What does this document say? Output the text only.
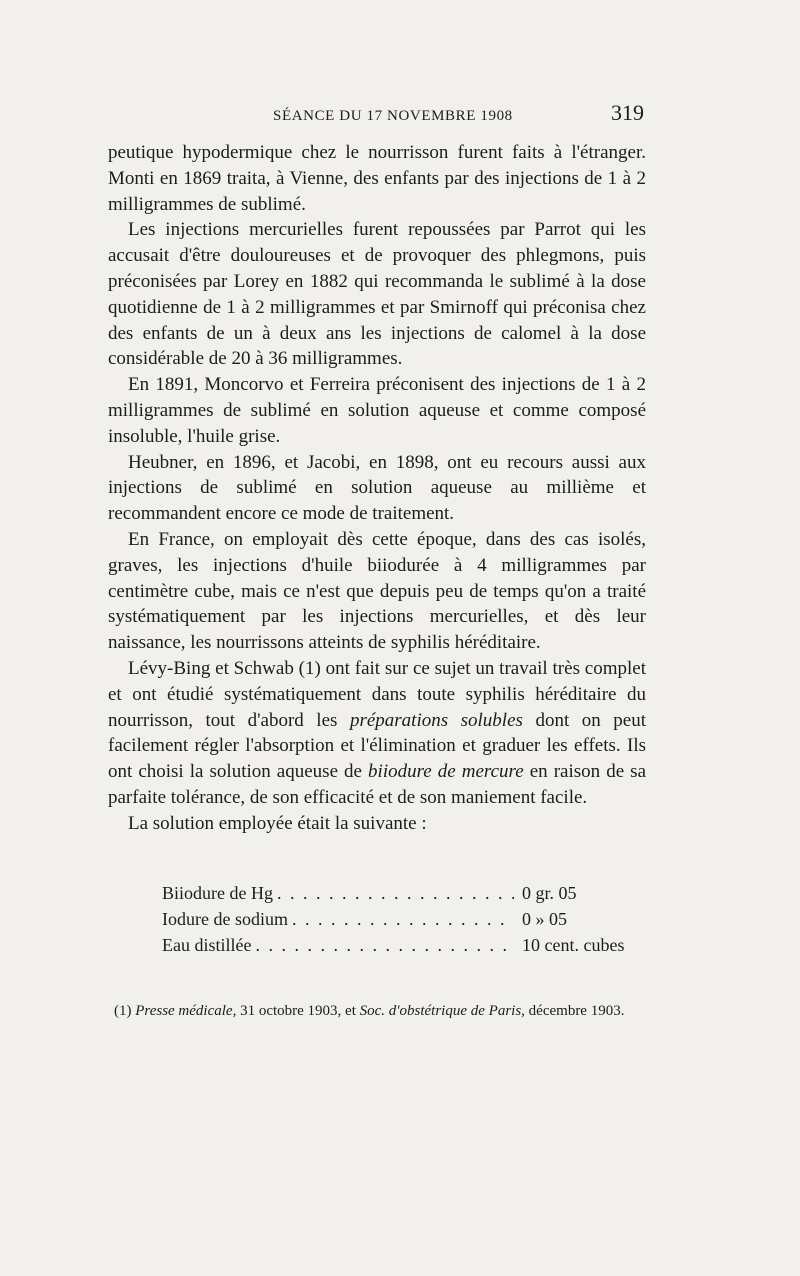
SÉANCE DU 17 NOVEMBRE 1908	319

peutique hypodermique chez le nourrisson furent faits à l'étranger. Monti en 1869 traita, à Vienne, des enfants par des injections de 1 à 2 milligrammes de sublimé.

Les injections mercurielles furent repoussées par Parrot qui les accusait d'être douloureuses et de provoquer des phlegmons, puis préconisées par Lorey en 1882 qui recommanda le sublimé à la dose quotidienne de 1 à 2 milligrammes et par Smirnoff qui préconisa chez des enfants de un à deux ans les injections de calomel à la dose considérable de 20 à 36 milligrammes.

En 1891, Moncorvo et Ferreira préconisent des injections de 1 à 2 milligrammes de sublimé en solution aqueuse et comme composé insoluble, l'huile grise.

Heubner, en 1896, et Jacobi, en 1898, ont eu recours aussi aux injections de sublimé en solution aqueuse au millième et recommandent encore ce mode de traitement.

En France, on employait dès cette époque, dans des cas isolés, graves, les injections d'huile biiodurée à 4 milligrammes par centimètre cube, mais ce n'est que depuis peu de temps qu'on a traité systématiquement par les injections mercurielles, et dès leur naissance, les nourrissons atteints de syphilis héréditaire.

Lévy-Bing et Schwab (1) ont fait sur ce sujet un travail très complet et ont étudié systématiquement dans toute syphilis héréditaire du nourrisson, tout d'abord les préparations solubles dont on peut facilement régler l'absorption et l'élimination et graduer les effets. Ils ont choisi la solution aqueuse de biiodure de mercure en raison de sa parfaite tolérance, de son efficacité et de son maniement facile.

La solution employée était la suivante :

Biiodure de Hg . . .	0 gr. 05
Iodure de sodium . . .	0 » 05
Eau distillée . . .	10 cent. cubes
(1) Presse médicale, 31 octobre 1903, et Soc. d'obstétrique de Paris, décembre 1903.
